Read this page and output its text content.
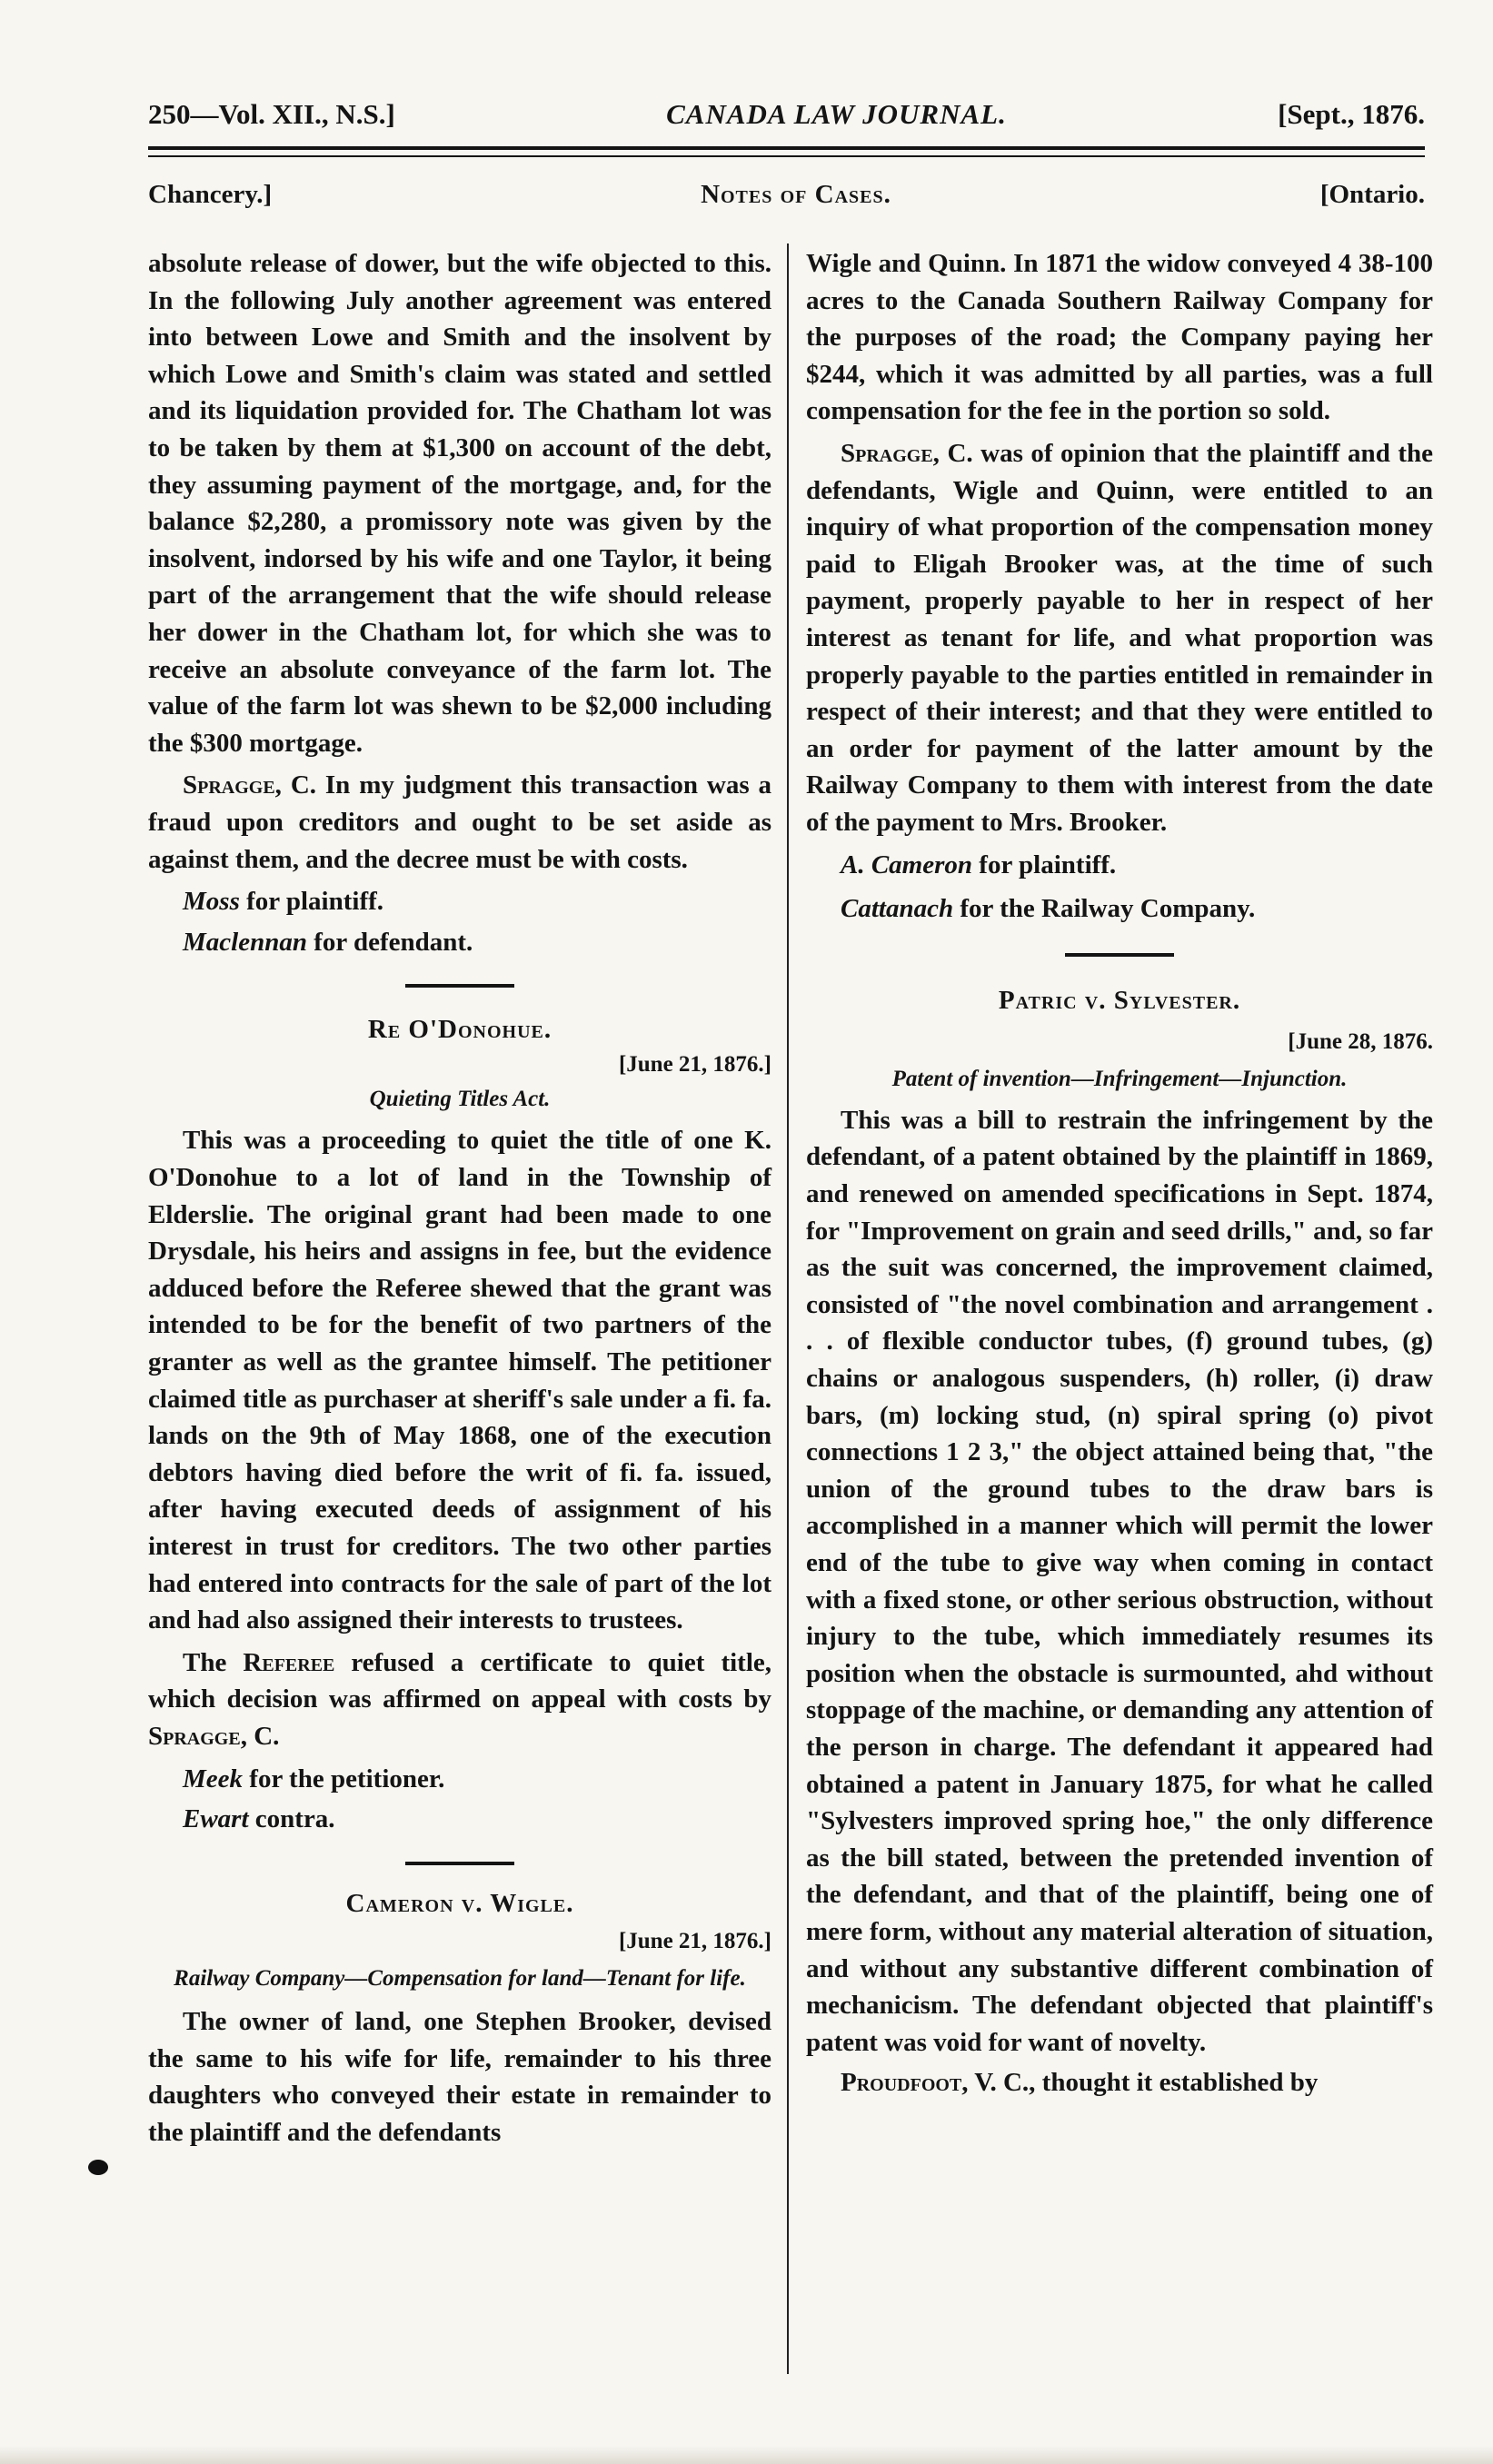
250—Vol. XII., N.S.]	CANADA LAW JOURNAL.	[Sept., 1876.
Chancery.]	Notes of Cases.	[Ontario.

absolute release of dower, but the wife objected to this. In the following July another agreement was entered into between Lowe and Smith and the insolvent by which Lowe and Smith's claim was stated and settled and its liquidation provided for. The Chatham lot was to be taken by them at $1,300 on account of the debt, they assuming payment of the mortgage, and, for the balance $2,280, a promissory note was given by the insolvent, indorsed by his wife and one Taylor, it being part of the arrangement that the wife should release her dower in the Chatham lot, for which she was to receive an absolute conveyance of the farm lot. The value of the farm lot was shewn to be $2,000 including the $300 mortgage.

Spragge, C. In my judgment this transaction was a fraud upon creditors and ought to be set aside as against them, and the decree must be with costs.

Moss for plaintiff.

Maclennan for defendant.

Re O'Donohue.

[June 21, 1876.]

Quieting Titles Act.

This was a proceeding to quiet the title of one K. O'Donohue to a lot of land in the Township of Elderslie. The original grant had been made to one Drysdale, his heirs and assigns in fee, but the evidence adduced before the Referee shewed that the grant was intended to be for the benefit of two partners of the granter as well as the grantee himself. The petitioner claimed title as purchaser at sheriff's sale under a fi. fa. lands on the 9th of May 1868, one of the execution debtors having died before the writ of fi. fa. issued, after having executed deeds of assignment of his interest in trust for creditors. The two other parties had entered into contracts for the sale of part of the lot and had also assigned their interests to trustees.

The Referee refused a certificate to quiet title, which decision was affirmed on appeal with costs by Spragge, C.

Meek for the petitioner.

Ewart contra.

Cameron v. Wigle.

[June 21, 1876.]

Railway Company—Compensation for land—Tenant for life.

The owner of land, one Stephen Brooker, devised the same to his wife for life, remainder to his three daughters who conveyed their estate in remainder to the plaintiff and the defendants

Wigle and Quinn. In 1871 the widow conveyed 4 38-100 acres to the Canada Southern Railway Company for the purposes of the road; the Company paying her $244, which it was admitted by all parties, was a full compensation for the fee in the portion so sold.

Spragge, C. was of opinion that the plaintiff and the defendants, Wigle and Quinn, were entitled to an inquiry of what proportion of the compensation money paid to Eligah Brooker was, at the time of such payment, properly payable to her in respect of her interest as tenant for life, and what proportion was properly payable to the parties entitled in remainder in respect of their interest; and that they were entitled to an order for payment of the latter amount by the Railway Company to them with interest from the date of the payment to Mrs. Brooker.

A. Cameron for plaintiff.

Cattanach for the Railway Company.

Patric v. Sylvester.

[June 28, 1876.

Patent of invention—Infringement—Injunction.

This was a bill to restrain the infringement by the defendant, of a patent obtained by the plaintiff in 1869, and renewed on amended specifications in Sept. 1874, for "Improvement on grain and seed drills," and, so far as the suit was concerned, the improvement claimed, consisted of "the novel combination and arrangement . . . of flexible conductor tubes, (f) ground tubes, (g) chains or analogous suspenders, (h) roller, (i) draw bars, (m) locking stud, (n) spiral spring (o) pivot connections 1 2 3," the object attained being that, "the union of the ground tubes to the draw bars is accomplished in a manner which will permit the lower end of the tube to give way when coming in contact with a fixed stone, or other serious obstruction, without injury to the tube, which immediately resumes its position when the obstacle is surmounted, ahd without stoppage of the machine, or demanding any attention of the person in charge. The defendant it appeared had obtained a patent in January 1875, for what he called "Sylvesters improved spring hoe," the only difference as the bill stated, between the pretended invention of the defendant, and that of the plaintiff, being one of mere form, without any material alteration of situation, and without any substantive different combination of mechanicism. The defendant objected that plaintiff's patent was void for want of novelty.

Proudfoot, V. C., thought it established by
